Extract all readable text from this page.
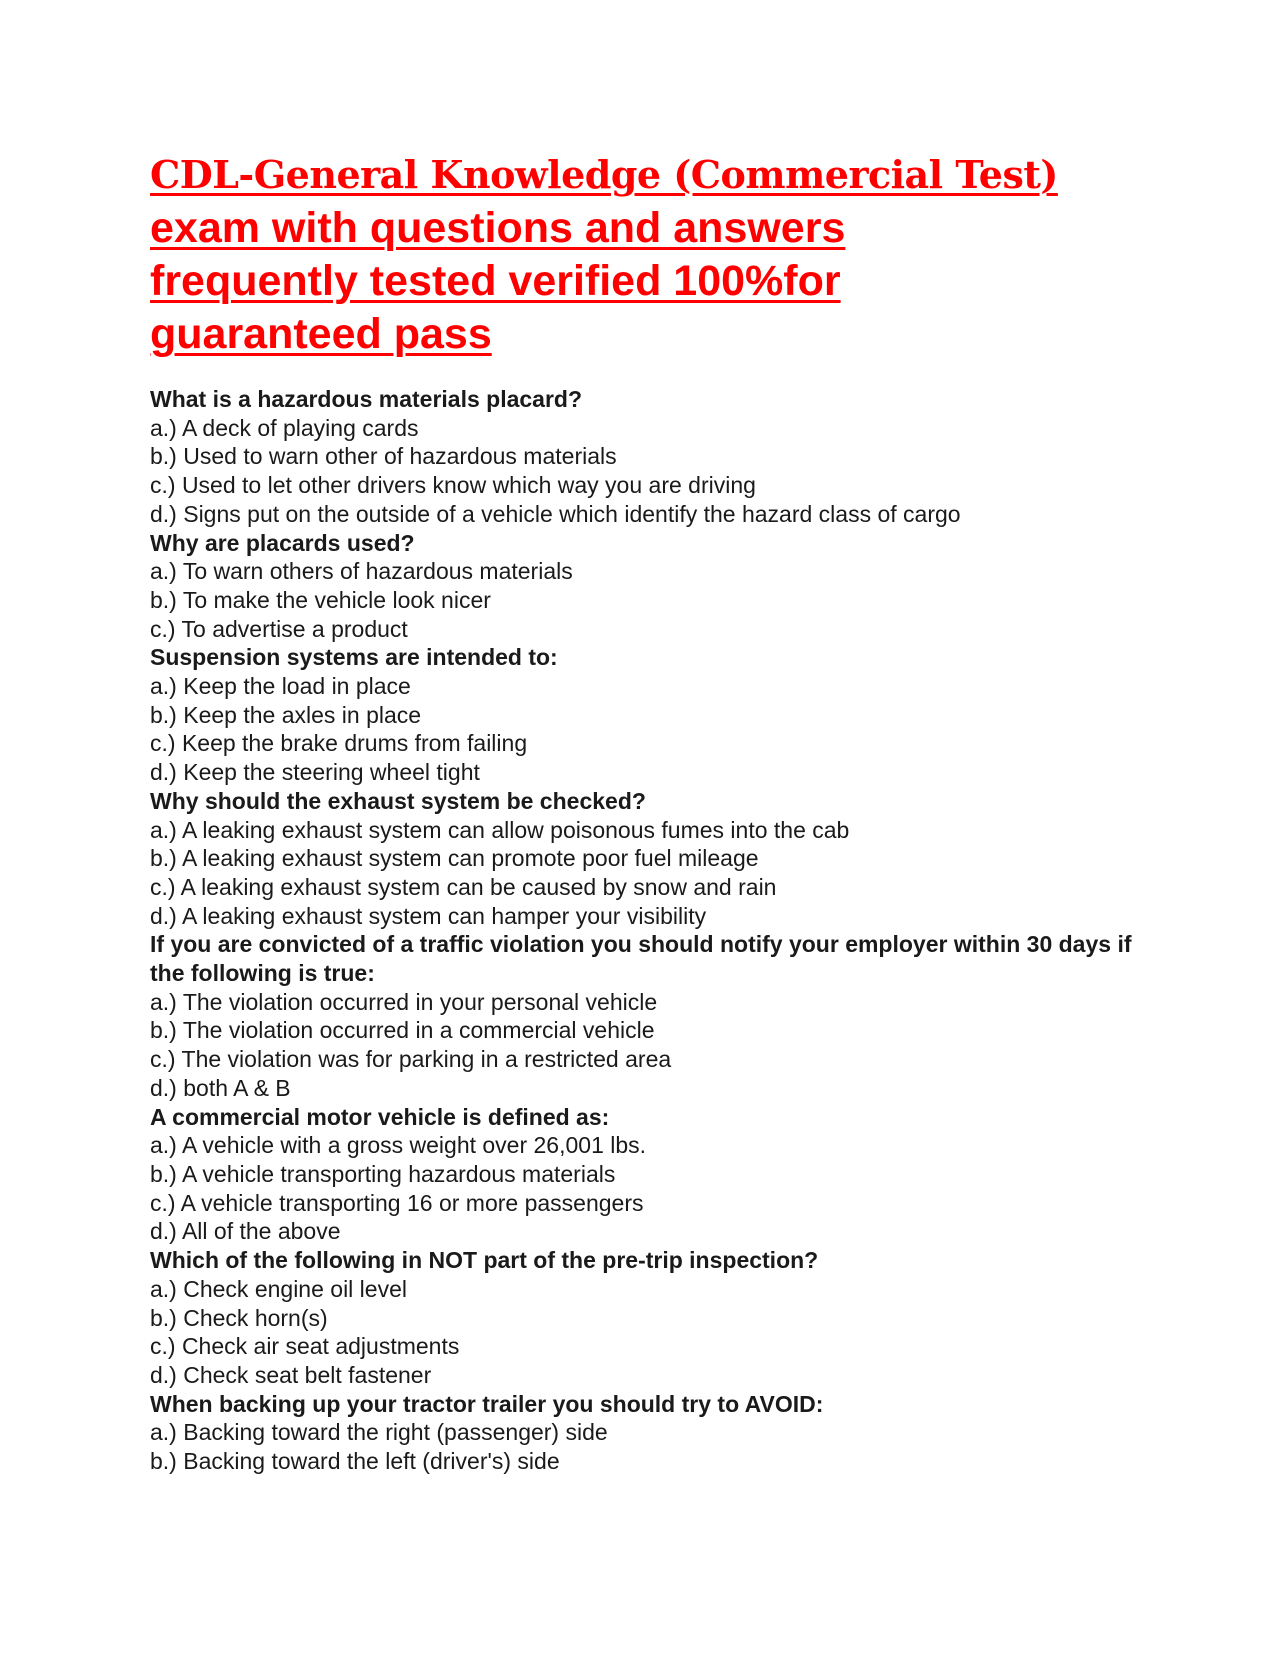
CDL-General Knowledge (Commercial Test)
exam with questions and answers
frequently tested verified 100%for
guaranteed pass

What is a hazardous materials placard?

a.) A deck of playing cards

b.) Used to warn other of hazardous materials

c.) Used to let other drivers know which way you are driving

d.) Signs put on the outside of a vehicle which identify the hazard class of cargo

Why are placards used?

a.) To warn others of hazardous materials

b.) To make the vehicle look nicer

c.) To advertise a product

Suspension systems are intended to:

a.) Keep the load in place

b.) Keep the axles in place

c.) Keep the brake drums from failing

d.) Keep the steering wheel tight

Why should the exhaust system be checked?

a.) A leaking exhaust system can allow poisonous fumes into the cab

b.) A leaking exhaust system can promote poor fuel mileage

c.) A leaking exhaust system can be caused by snow and rain

d.) A leaking exhaust system can hamper your visibility

If you are convicted of a traffic violation you should notify your employer within 30 days if the following is true:

a.) The violation occurred in your personal vehicle

b.) The violation occurred in a commercial vehicle

c.) The violation was for parking in a restricted area

d.) both A & B

A commercial motor vehicle is defined as:

a.) A vehicle with a gross weight over 26,001 lbs.

b.) A vehicle transporting hazardous materials

c.) A vehicle transporting 16 or more passengers

d.) All of the above

Which of the following in NOT part of the pre-trip inspection?

a.) Check engine oil level

b.) Check horn(s)

c.) Check air seat adjustments

d.) Check seat belt fastener

When backing up your tractor trailer you should try to AVOID:

a.) Backing toward the right (passenger) side

b.) Backing toward the left (driver's) side
